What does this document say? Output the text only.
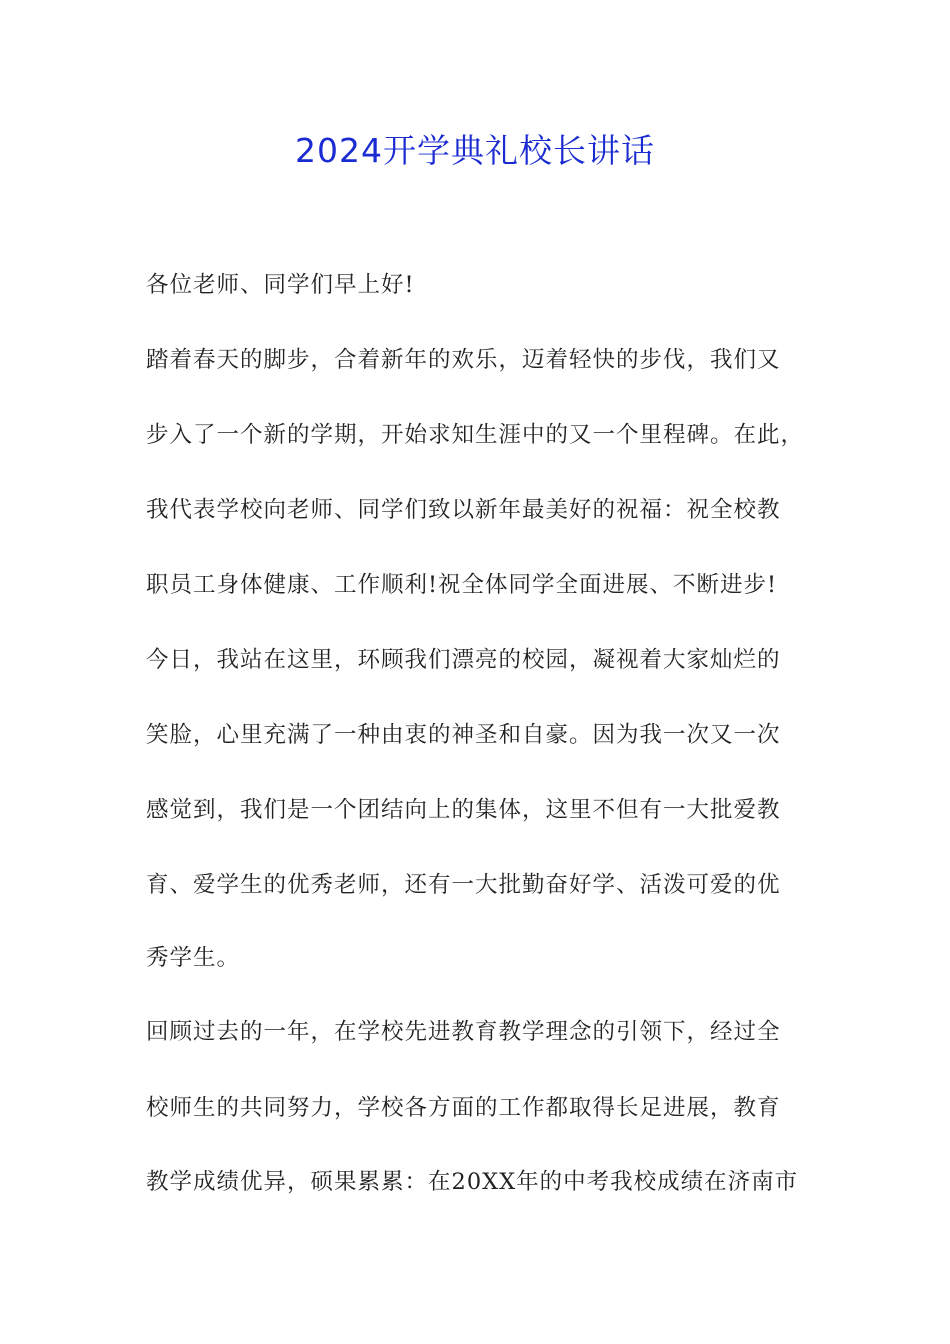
2024开学典礼校长讲话
各位老师、同学们早上好!
踏着春天的脚步，合着新年的欢乐，迈着轻快的步伐，我们又
步入了一个新的学期，开始求知生涯中的又一个里程碑。在此，
我代表学校向老师、同学们致以新年最美好的祝福：祝全校教
职员工身体健康、工作顺利!祝全体同学全面进展、不断进步!
今日，我站在这里，环顾我们漂亮的校园，凝视着大家灿烂的
笑脸，心里充满了一种由衷的神圣和自豪。因为我一次又一次
感觉到，我们是一个团结向上的集体，这里不但有一大批爱教
育、爱学生的优秀老师，还有一大批勤奋好学、活泼可爱的优
秀学生。
回顾过去的一年，在学校先进教育教学理念的引领下，经过全
校师生的共同努力，学校各方面的工作都取得长足进展，教育
教学成绩优异，硕果累累：在20XX年的中考我校成绩在济南市
